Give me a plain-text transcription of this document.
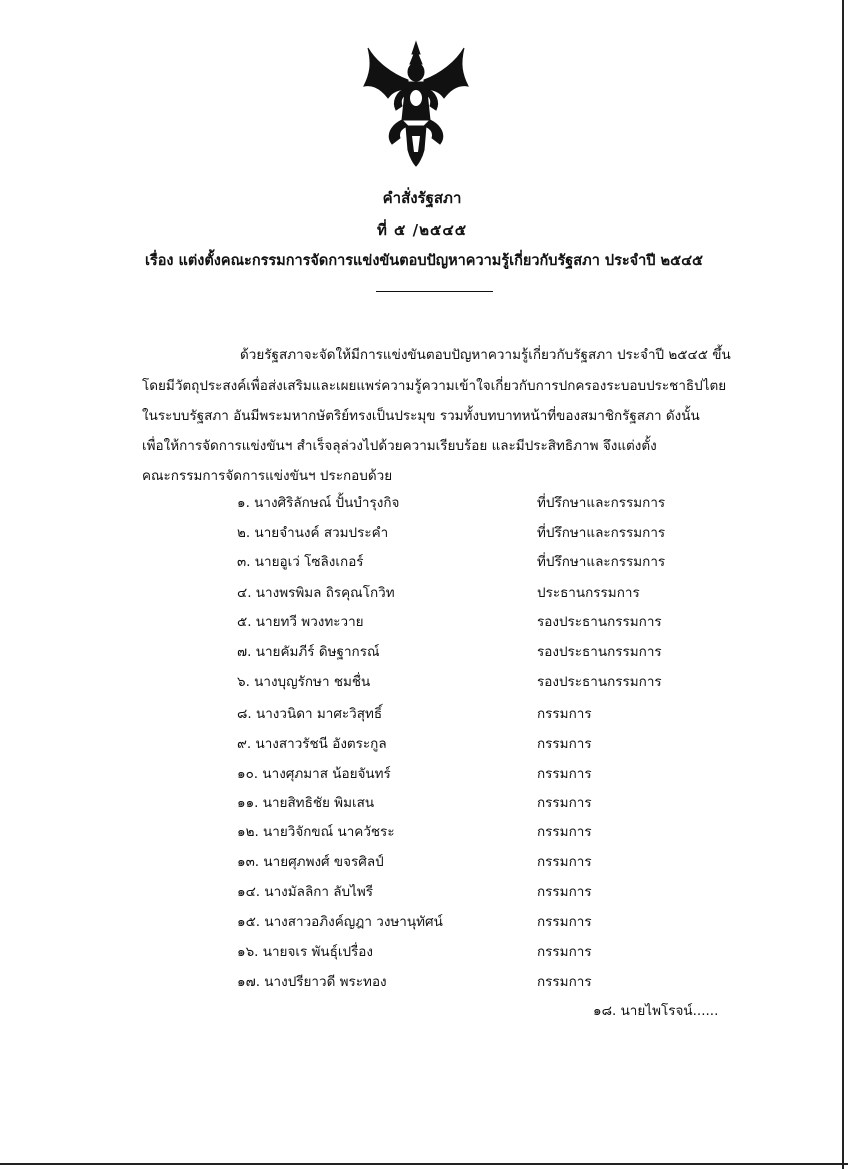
คำสั่งรัฐสภา
ที่ ๕ /๒๕๔๕
เรื่อง แต่งตั้งคณะกรรมการจัดการแข่งขันตอบปัญหาความรู้เกี่ยวกับรัฐสภา ประจำปี ๒๕๔๕
ด้วยรัฐสภาจะจัดให้มีการแข่งขันตอบปัญหาความรู้เกี่ยวกับรัฐสภา ประจำปี ๒๕๔๕ ขึ้น
โดยมีวัตถุประสงค์เพื่อส่งเสริมและเผยแพร่ความรู้ความเข้าใจเกี่ยวกับการปกครองระบอบประชาธิปไตย
ในระบบรัฐสภา อันมีพระมหากษัตริย์ทรงเป็นประมุข รวมทั้งบทบาทหน้าที่ของสมาชิกรัฐสภา ดังนั้น
เพื่อให้การจัดการแข่งขันฯ สำเร็จลุล่วงไปด้วยความเรียบร้อย และมีประสิทธิภาพ จึงแต่งตั้ง
คณะกรรมการจัดการแข่งขันฯ ประกอบด้วย
๑. นางศิริลักษณ์ ปั้นบำรุงกิจ	ที่ปรึกษาและกรรมการ
๒. นายจำนงค์ สวมประคำ	ที่ปรึกษาและกรรมการ
๓. นายอูเว่ โซลิงเกอร์	ที่ปรึกษาและกรรมการ
๔. นางพรพิมล ถิรคุณโกวิท	ประธานกรรมการ
๕. นายทวี พวงทะวาย	รองประธานกรรมการ
๗. นายคัมภีร์ ดิษฐากรณ์	รองประธานกรรมการ
๖. นางบุญรักษา ชมชื่น	รองประธานกรรมการ
๘. นางวนิดา มาศะวิสุทธิ์	กรรมการ
๙. นางสาวรัชนี อังตระกูล	กรรมการ
๑๐. นางศุภมาส น้อยจันทร์	กรรมการ
๑๑. นายสิทธิชัย พิมเสน	กรรมการ
๑๒. นายวิจักขณ์ นาควัชระ	กรรมการ
๑๓. นายศุภพงศ์ ขจรศิลป์	กรรมการ
๑๔. นางมัลลิกา ลับไพรี	กรรมการ
๑๕. นางสาวอภิงค์ญฎา วงษานุทัศน์	กรรมการ
๑๖. นายจเร พันธุ์เปรื่อง	กรรมการ
๑๗. นางปรียาวดี พระทอง	กรรมการ
๑๘. นายไพโรจน์......
